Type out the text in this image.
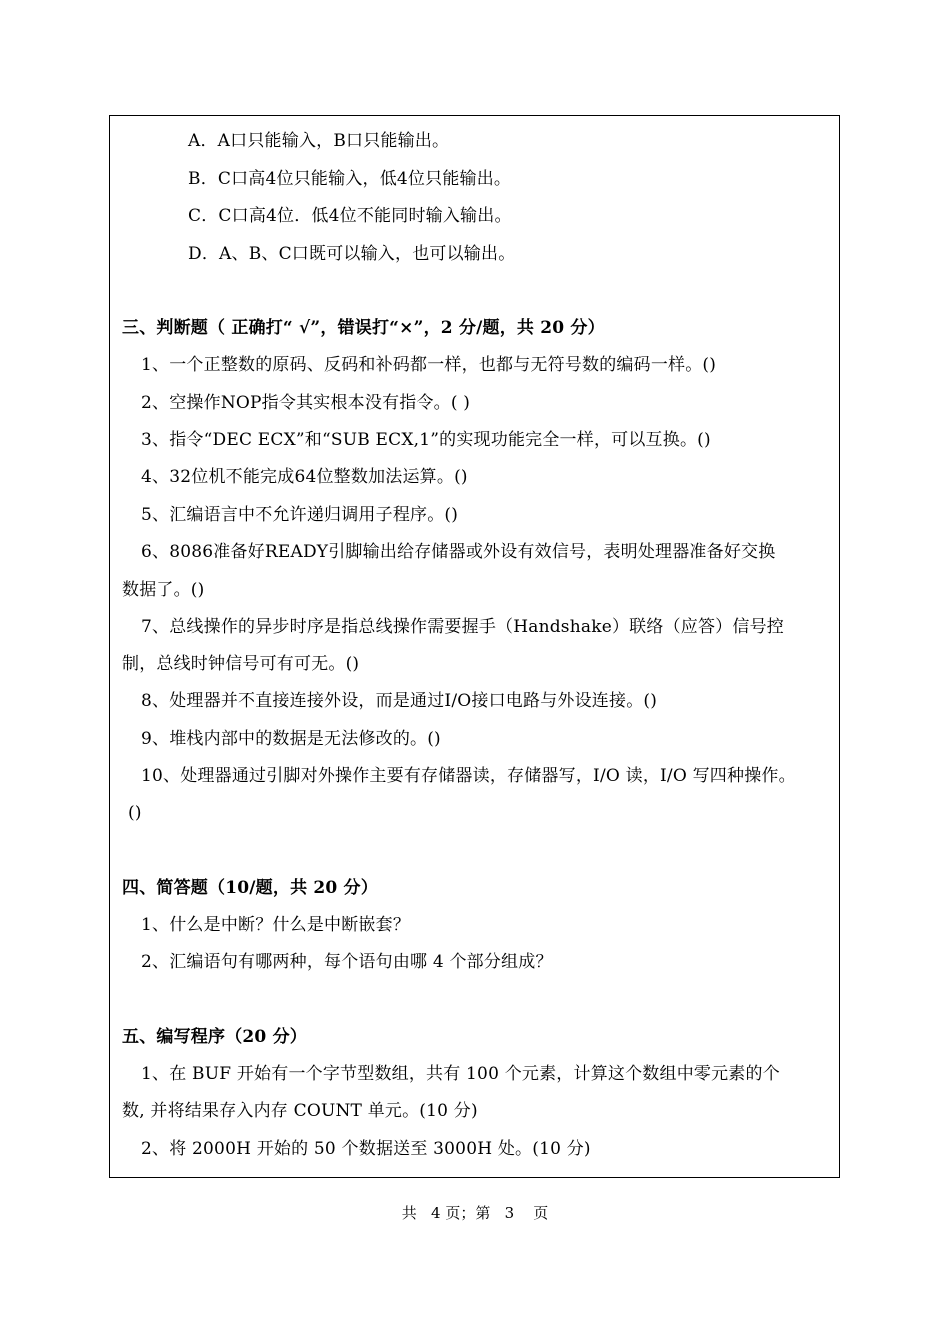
A．A口只能输入，B口只能输出。
B．C口高4位只能输入，低4位只能输出。
C．C口高4位．低4位不能同时输入输出。
D．A、B、C口既可以输入，也可以输出。
三、判断题（ 正确打“ √”，错误打“×”，2 分/题，共 20 分）
1、一个正整数的原码、反码和补码都一样，也都与无符号数的编码一样。()
2、空操作NOP指令其实根本没有指令。( )
3、指令“DEC ECX”和“SUB ECX,1”的实现功能完全一样，可以互换。()
4、32位机不能完成64位整数加法运算。()
5、汇编语言中不允许递归调用子程序。()
6、8086准备好READY引脚输出给存储器或外设有效信号，表明处理器准备好交换
数据了。()
7、总线操作的异步时序是指总线操作需要握手（Handshake）联络（应答）信号控
制，总线时钟信号可有可无。()
8、处理器并不直接连接外设，而是通过I/O接口电路与外设连接。()
9、堆栈内部中的数据是无法修改的。()
10、处理器通过引脚对外操作主要有存储器读，存储器写，I/O 读，I/O 写四种操作。
()
四、简答题（10/题，共 20 分）
1、什么是中断？什么是中断嵌套？
2、汇编语句有哪两种，每个语句由哪 4 个部分组成？
五、编写程序（20 分）
1、在 BUF 开始有一个字节型数组，共有 100 个元素，计算这个数组中零元素的个
数, 并将结果存入内存 COUNT 单元。(10 分)
2、将 2000H 开始的 50 个数据送至 3000H 处。(10 分)
共   4 页；第   3    页
